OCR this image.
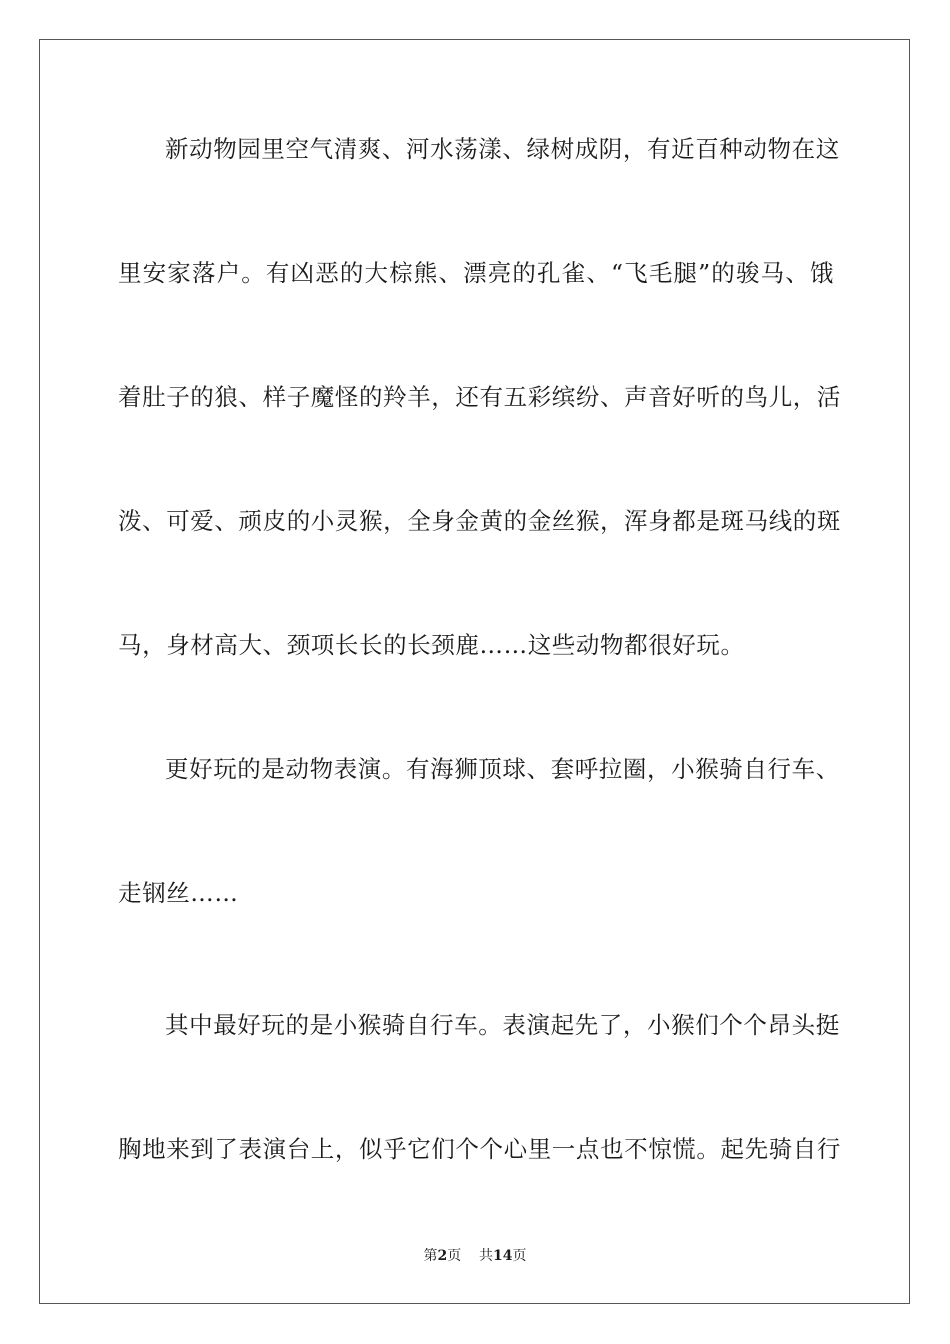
新动物园里空气清爽、河水荡漾、绿树成阴，有近百种动物在这
里安家落户。有凶恶的大棕熊、漂亮的孔雀、“飞毛腿”的骏马、饿
着肚子的狼、样子魔怪的羚羊，还有五彩缤纷、声音好听的鸟儿，活
泼、可爱、顽皮的小灵猴，全身金黄的金丝猴，浑身都是斑马线的斑
马，身材高大、颈项长长的长颈鹿……这些动物都很好玩。
更好玩的是动物表演。有海狮顶球、套呼拉圈，小猴骑自行车、
走钢丝……
其中最好玩的是小猴骑自行车。表演起先了，小猴们个个昂头挺
胸地来到了表演台上，似乎它们个个心里一点也不惊慌。起先骑自行
第2页 共14页
